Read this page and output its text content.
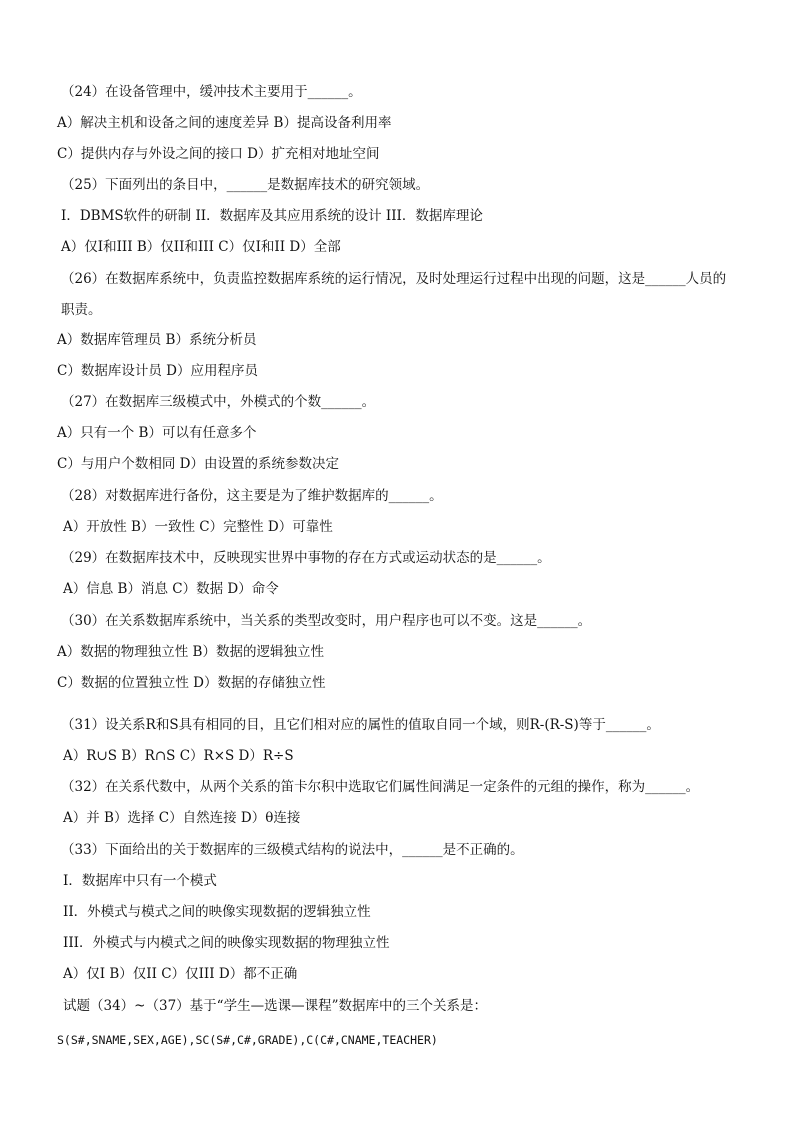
（24）在设备管理中，缓冲技术主要用于______。
A）解决主机和设备之间的速度差异 B）提高设备利用率
C）提供内存与外设之间的接口 D）扩充相对地址空间
（25）下面列出的条目中，______是数据库技术的研究领域。
I．DBMS软件的研制 II．数据库及其应用系统的设计 III．数据库理论
A）仅I和III B）仅II和III C）仅I和II D）全部
（26）在数据库系统中，负责监控数据库系统的运行情况，及时处理运行过程中出现的问题，这是______人员的职责。
A）数据库管理员 B）系统分析员
C）数据库设计员 D）应用程序员
（27）在数据库三级模式中，外模式的个数______。
A）只有一个 B）可以有任意多个
C）与用户个数相同 D）由设置的系统参数决定
（28）对数据库进行备份，这主要是为了维护数据库的______。
A）开放性 B）一致性 C）完整性 D）可靠性
（29）在数据库技术中，反映现实世界中事物的存在方式或运动状态的是______。
A）信息 B）消息 C）数据 D）命令
（30）在关系数据库系统中，当关系的类型改变时，用户程序也可以不变。这是______。
A）数据的物理独立性 B）数据的逻辑独立性
C）数据的位置独立性 D）数据的存储独立性
（31）设关系R和S具有相同的目，且它们相对应的属性的值取自同一个域，则R-(R-S)等于______。
A）R∪S B）R∩S C）R×S D）R÷S
（32）在关系代数中，从两个关系的笛卡尔积中选取它们属性间满足一定条件的元组的操作，称为______。
A）并 B）选择 C）自然连接 D）θ连接
（33）下面给出的关于数据库的三级模式结构的说法中，______是不正确的。
I．数据库中只有一个模式
II．外模式与模式之间的映像实现数据的逻辑独立性
III．外模式与内模式之间的映像实现数据的物理独立性
A）仅I B）仅II C）仅III D）都不正确
试题（34）~（37）基于“学生—选课—课程”数据库中的三个关系是：
S(S#,SNAME,SEX,AGE),SC(S#,C#,GRADE),C(C#,CNAME,TEACHER)
